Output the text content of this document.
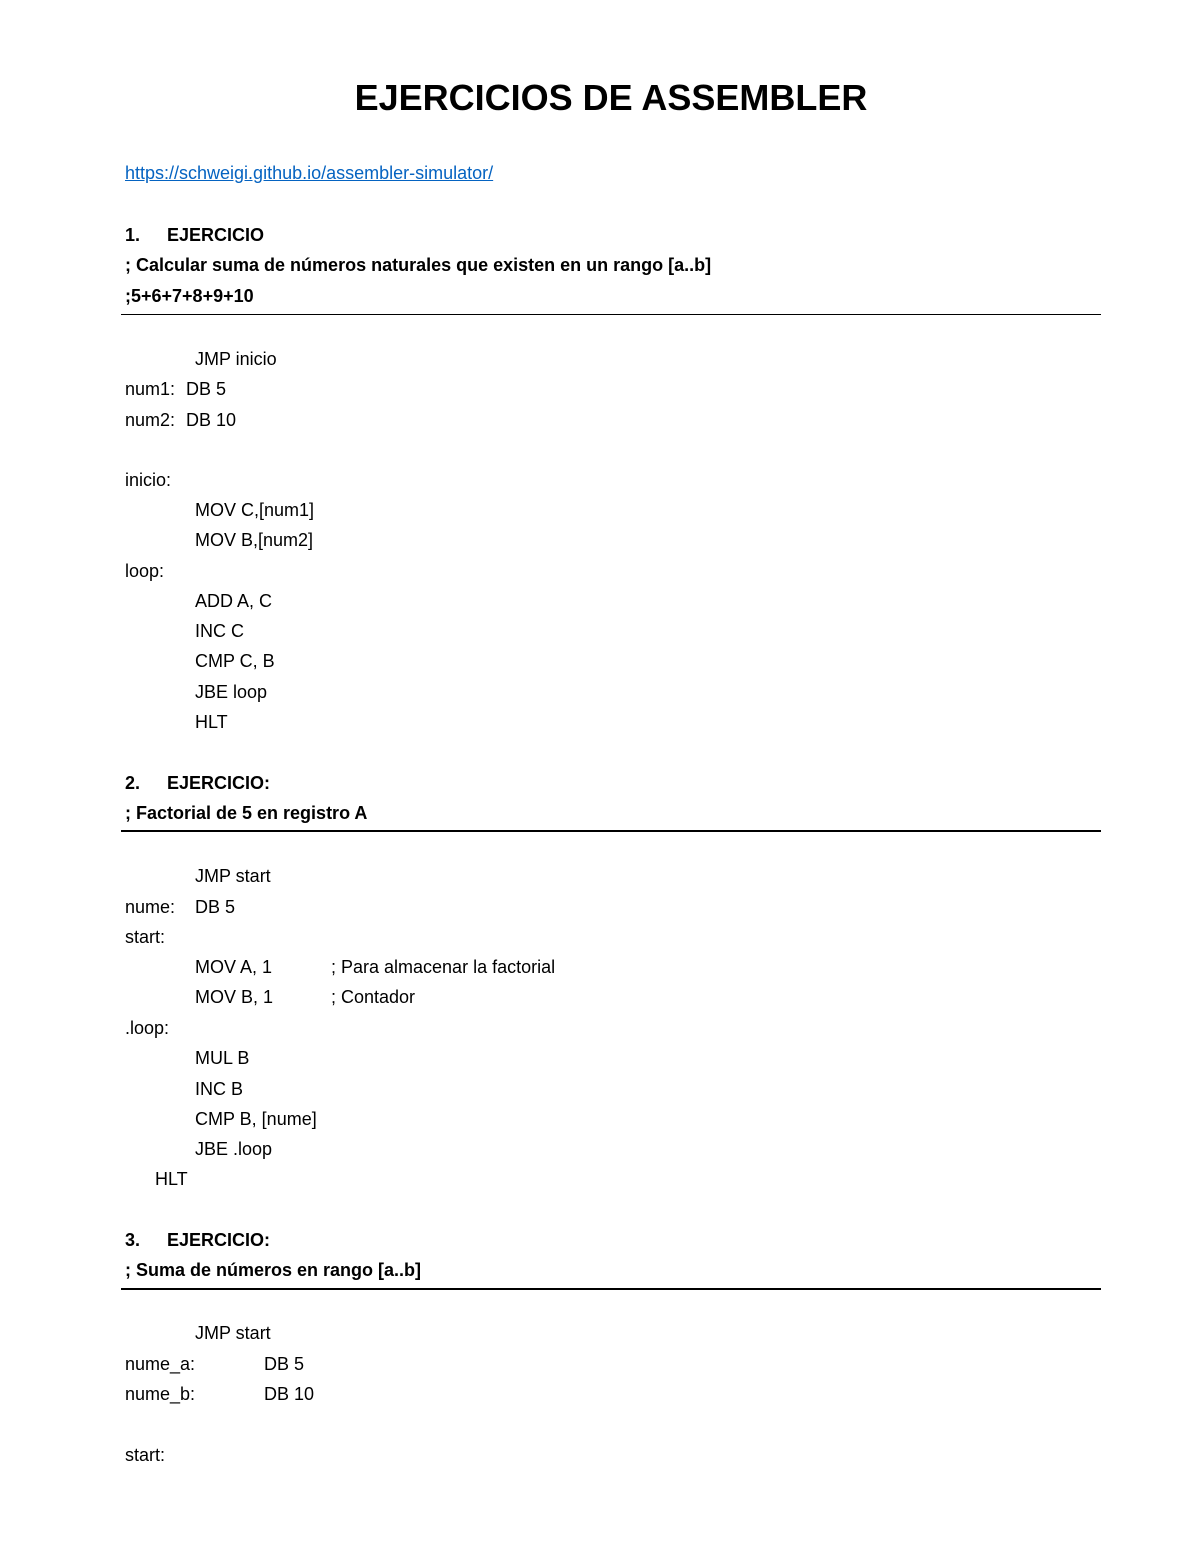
EJERCICIOS DE ASSEMBLER
https://schweigi.github.io/assembler-simulator/
1. EJERCICIO
; Calcular suma de números naturales que existen en un rango [a..b]
;5+6+7+8+9+10
JMP inicio
num1: DB 5
num2: DB 10
inicio:
MOV C,[num1]
MOV B,[num2]
loop:
ADD A, C
INC C
CMP C, B
JBE loop
HLT
2. EJERCICIO:
; Factorial de 5 en registro A
JMP start
nume: DB 5
start:
MOV A, 1	; Para almacenar la factorial
MOV B, 1	; Contador
.loop:
MUL B
INC B
CMP B, [nume]
JBE .loop
HLT
3. EJERCICIO:
; Suma de números en rango [a..b]
JMP start
nume_a:	DB 5
nume_b:	DB 10
start:
